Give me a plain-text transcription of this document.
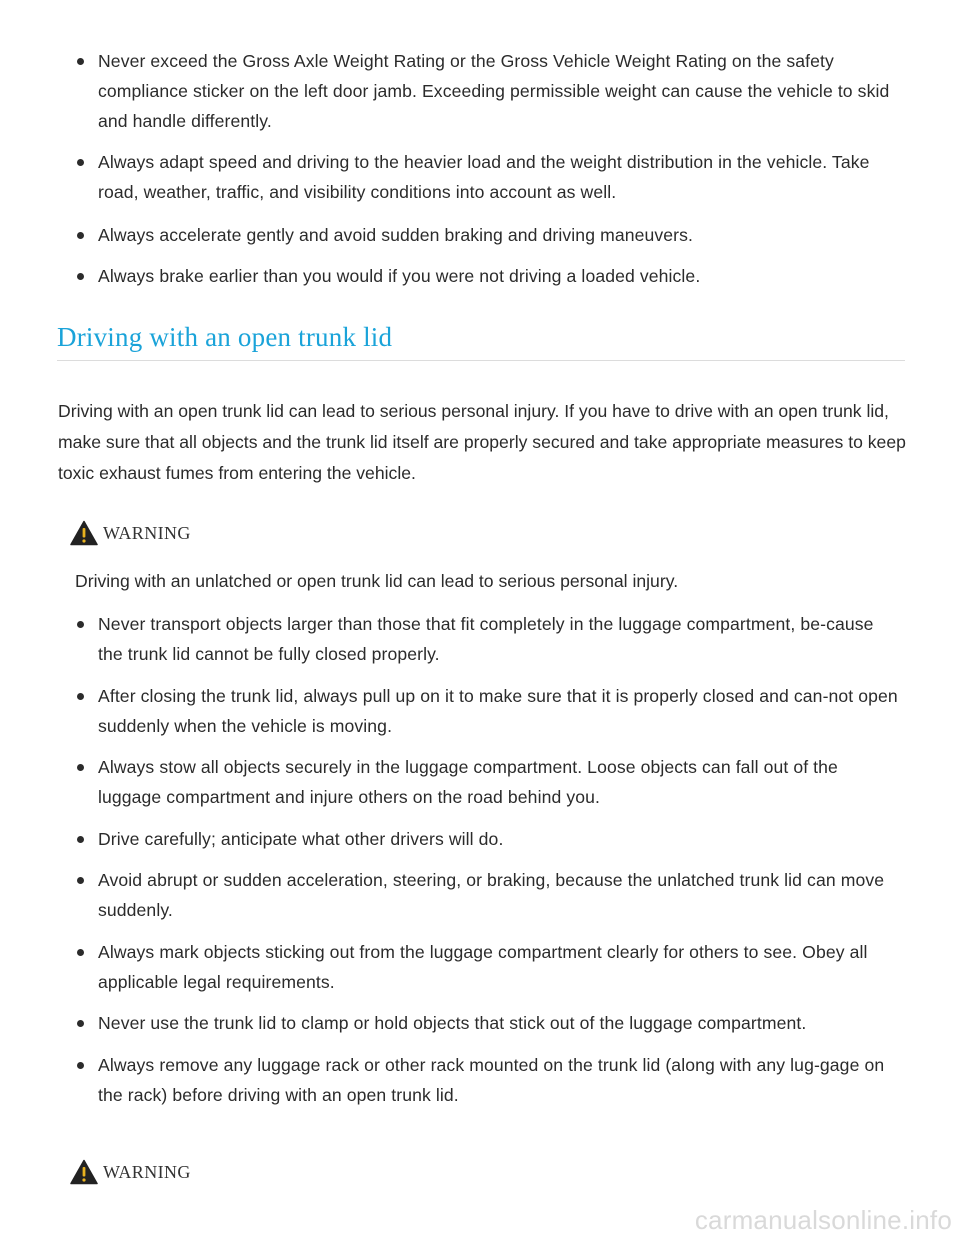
Never exceed the Gross Axle Weight Rating or the Gross Vehicle Weight Rating on the safety compliance sticker on the left door jamb. Exceeding permissible weight can cause the vehicle to skid and handle differently.
Always adapt speed and driving to the heavier load and the weight distribution in the vehicle. Take road, weather, traffic, and visibility conditions into account as well.
Always accelerate gently and avoid sudden braking and driving maneuvers.
Always brake earlier than you would if you were not driving a loaded vehicle.
Driving with an open trunk lid

Driving with an open trunk lid can lead to serious personal injury. If you have to drive with an open trunk lid, make sure that all objects and the trunk lid itself are properly secured and take appropriate measures to keep toxic exhaust fumes from entering the vehicle.

WARNING

Driving with an unlatched or open trunk lid can lead to serious personal injury.

Never transport objects larger than those that fit completely in the luggage compartment, be-cause the trunk lid cannot be fully closed properly.
After closing the trunk lid, always pull up on it to make sure that it is properly closed and can-not open suddenly when the vehicle is moving.
Always stow all objects securely in the luggage compartment. Loose objects can fall out of the luggage compartment and injure others on the road behind you.
Drive carefully; anticipate what other drivers will do.
Avoid abrupt or sudden acceleration, steering, or braking, because the unlatched trunk lid can move suddenly.
Always mark objects sticking out from the luggage compartment clearly for others to see. Obey all applicable legal requirements.
Never use the trunk lid to clamp or hold objects that stick out of the luggage compartment.
Always remove any luggage rack or other rack mounted on the trunk lid (along with any lug-gage on the rack) before driving with an open trunk lid.
WARNING
carmanualsonline.info
